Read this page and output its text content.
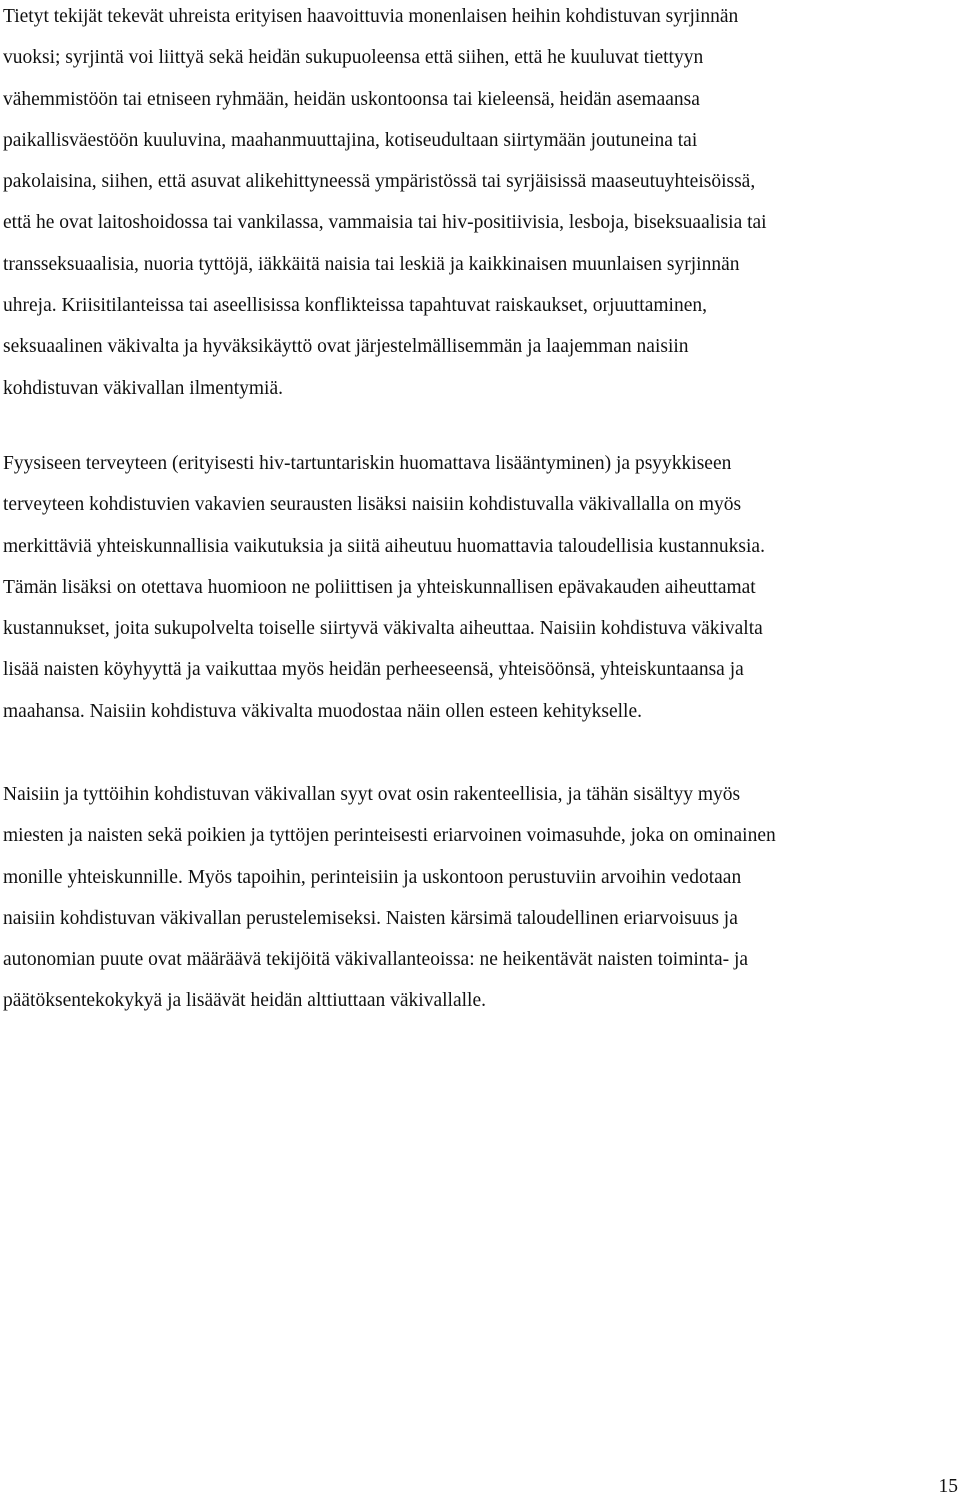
Tietyt tekijät tekevät uhreista erityisen haavoittuvia monenlaisen heihin kohdistuvan syrjinnän
vuoksi; syrjintä voi liittyä sekä heidän sukupuoleensa että siihen, että he kuuluvat tiettyyn
vähemmistöön tai etniseen ryhmään, heidän uskontoonsa tai kieleensä, heidän asemaansa
paikallisväestöön kuuluvina, maahanmuuttajina, kotiseudultaan siirtymään joutuneina tai
pakolaisina, siihen, että asuvat alikehittyneessä ympäristössä tai syrjäisissä maaseutuyhteisöissä,
että he ovat laitoshoidossa tai vankilassa, vammaisia tai hiv-positiivisia, lesboja, biseksuaalisia tai
transseksuaalisia, nuoria tyttöjä, iäkkäitä naisia tai leskiä ja kaikkinaisen muunlaisen syrjinnän
uhreja. Kriisitilanteissa tai aseellisissa konflikteissa tapahtuvat raiskaukset, orjuuttaminen,
seksuaalinen väkivalta ja hyväksikäyttö ovat järjestelmällisemmän ja laajemman naisiin
kohdistuvan väkivallan ilmentymiä.
Fyysiseen terveyteen (erityisesti hiv-tartuntariskin huomattava lisääntyminen) ja psyykkiseen
terveyteen kohdistuvien vakavien seurausten lisäksi naisiin kohdistuvalla väkivallalla on myös
merkittäviä yhteiskunnallisia vaikutuksia ja siitä aiheutuu huomattavia taloudellisia kustannuksia.
Tämän lisäksi on otettava huomioon ne poliittisen ja yhteiskunnallisen epävakauden aiheuttamat
kustannukset, joita sukupolvelta toiselle siirtyvä väkivalta aiheuttaa. Naisiin kohdistuva väkivalta
lisää naisten köyhyyttä ja vaikuttaa myös heidän perheeseensä, yhteisöönsä, yhteiskuntaansa ja
maahansa. Naisiin kohdistuva väkivalta muodostaa näin ollen esteen kehitykselle.
Naisiin ja tyttöihin kohdistuvan väkivallan syyt ovat osin rakenteellisia, ja tähän sisältyy myös
miesten ja naisten sekä poikien ja tyttöjen perinteisesti eriarvoinen voimasuhde, joka on ominainen
monille yhteiskunnille. Myös tapoihin, perinteisiin ja uskontoon perustuviin arvoihin vedotaan
naisiin kohdistuvan väkivallan perustelemiseksi. Naisten kärsimä taloudellinen eriarvoisuus ja
autonomian puute ovat määräävä tekijöitä väkivallanteoissa: ne heikentävät naisten toiminta- ja
päätöksentekokykyä ja lisäävät heidän alttiuttaan väkivallalle.
15
